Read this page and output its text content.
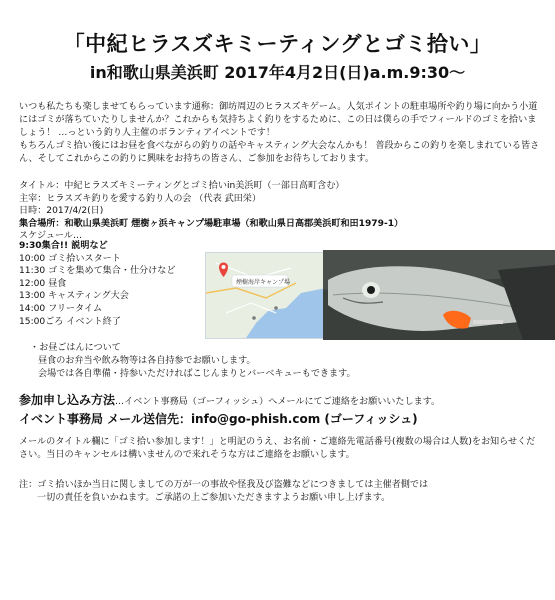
「中紀ヒラスズキミーティングとゴミ拾い」
in和歌山県美浜町 2017年4月2日(日)a.m.9:30〜

いつも私たちも楽しませてもらっています通称：御坊周辺のヒラスズキゲーム。人気ポイントの駐車場所や釣り場に向かう小道にはゴミが落ちていたりしませんか？これからも気持ちよく釣りをするために、この日は僕らの手でフィールドのゴミを拾いましょう！ …っという釣り人主催のボランティアイベントです！

もちろんゴミ拾い後にはお昼を食べながらの釣りの話やキャスティング大会なんかも！ 普段からこの釣りを楽しまれている皆さん、そしてこれからこの釣りに興味をお持ちの皆さん、ご参加をお待ちしております。

タイトル：中紀ヒラスズキミーティングとゴミ拾いin美浜町（一部日高町含む）
主宰：ヒラスズキ釣りを愛する釣り人の会 （代表 武田栄）
日時：2017/4/2(日)
集合場所：和歌山県美浜町 煙樹ヶ浜キャンプ場駐車場（和歌山県日高郡美浜町和田1979-1）
スケジュール…
9:30集合!! 説明など
10:00 ゴミ拾いスタート
11:30 ゴミを集めて集合・仕分けなど
12:00 昼食
13:00 キャスティング大会
14:00 フリータイム
15:00ごろ イベント終了
煙樹海岸キャンプ場
・お昼ごはんについて
昼食のお弁当や飲み物等は各自持参でお願いします。
会場では各自準備・持参いただければこじんまりとバーベキューもできます。
参加申し込み方法…イベント事務局（ゴーフィッシュ）へメールにてご連絡をお願いいたします。
イベント事務局 メール送信先：info@go-phish.com (ゴーフィッシュ)

メールのタイトル欄に「ゴミ拾い参加します！」と明記のうえ、お名前・ご連絡先電話番号(複数の場合は人数)をお知らせください。当日のキャンセルは構いませんので来れそうな方はご連絡をお願いします。

注：ゴミ拾いほか当日に関しましての万が一の事故や怪我及び盗難などにつきましては主催者側では

一切の責任を負いかねます。ご承諾の上ご参加いただきますようお願い申し上げます。
